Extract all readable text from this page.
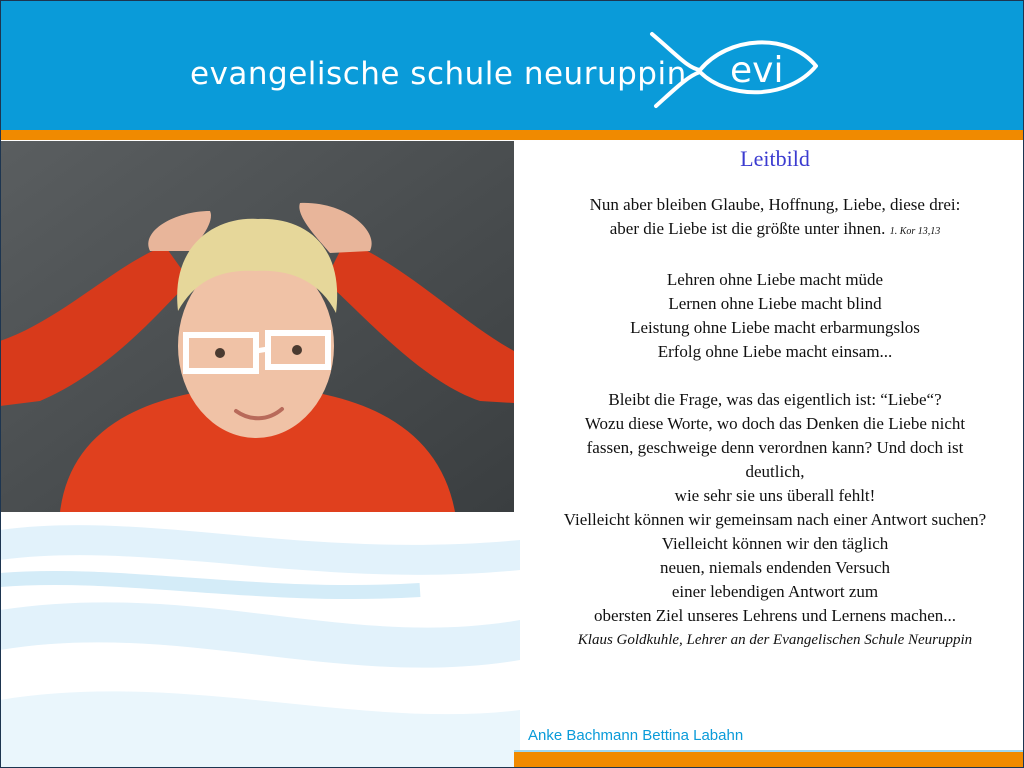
evangelische schule neuruppin evi
Leitbild

Nun aber bleiben Glaube, Hoffnung, Liebe, diese drei:

aber die Liebe ist die größte unter ihnen. 1. Kor 13,13

Lehren ohne Liebe macht müde

Lernen ohne Liebe macht blind

Leistung ohne Liebe macht erbarmungslos

Erfolg ohne Liebe macht einsam...

Bleibt die Frage, was das eigentlich ist: “Liebe“?

Wozu diese Worte, wo doch das Denken die Liebe nicht

fassen, geschweige denn verordnen kann? Und doch ist

deutlich,

wie sehr sie uns überall fehlt!

Vielleicht können wir gemeinsam nach einer Antwort suchen?

Vielleicht können wir den täglich

neuen, niemals endenden Versuch

einer lebendigen Antwort zum

obersten Ziel unseres Lehrens und Lernens machen...

Klaus Goldkuhle, Lehrer an der Evangelischen Schule Neuruppin

Anke Bachmann Bettina Labahn
